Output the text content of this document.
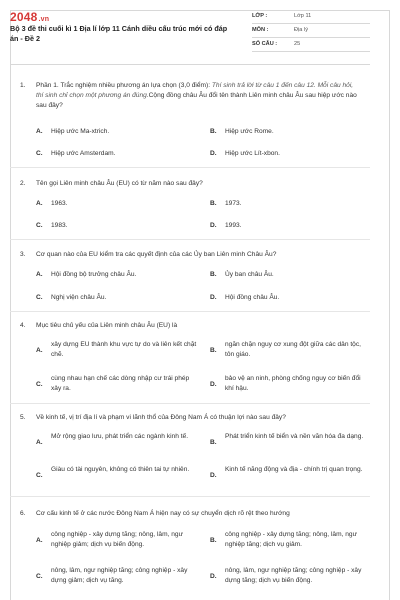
2048.vn
Bộ 3 đề thi cuối kì 1 Địa lí lớp 11 Cánh diều cấu trúc mới có đáp án - Đề 2
LỚP :	Lớp 11
MÔN :	Địa lý
SỐ CÂU :	25
1. Phần 1. Trắc nghiệm nhiều phương án lựa chọn (3,0 điểm): Thí sinh trả lời từ câu 1 đến câu 12. Mỗi câu hỏi, thí sinh chỉ chọn một phương án đúng.Cộng đồng châu Âu đổi tên thành Liên minh châu Âu sau hiệp ước nào sau đây?
A. Hiệp ước Ma-xtrich.	B. Hiệp ước Rome.
C. Hiệp ước Amsterdam.	D. Hiệp ước Lít-xbon.
2. Tên gọi Liên minh châu Âu (EU) có từ năm nào sau đây?
A. 1963.	B. 1973.
C. 1983.	D. 1993.
3. Cơ quan nào của EU kiểm tra các quyết định của các Ủy ban Liên minh Châu Âu?
A. Hội đồng bộ trưởng châu Âu.	B. Ủy ban châu Âu.
C. Nghị viện châu Âu.	D. Hội đồng châu Âu.
4. Mục tiêu chủ yếu của Liên minh châu Âu (EU) là
A.
xây dựng EU thành khu vực tự do và liên kết chặt chẽ.
B.
ngăn chặn nguy cơ xung đột giữa các dân tộc, tôn giáo.
C.
cùng nhau hạn chế các dòng nhập cư trái phép xảy ra.
D.
bảo vệ an ninh, phòng chống nguy cơ biến đổi khí hậu.
5. Về kinh tế, vị trí địa lí và phạm vi lãnh thổ của Đông Nam Á có thuận lợi nào sau đây?
A.
Mở rộng giao lưu, phát triển các ngành kinh tế.
B.
Phát triển kinh tế biển và nền văn hóa đa dạng.
C.
Giàu có tài nguyên, không có thiên tai tự nhiên.
D.
Kinh tế năng động và địa - chính trị quan trọng.
6. Cơ cấu kinh tế ở các nước Đông Nam Á hiện nay có sự chuyển dịch rõ rệt theo hướng
A.
công nghiệp - xây dựng tăng; nông, lâm, ngư nghiệp giảm; dịch vụ biến động.
B.
công nghiệp - xây dựng tăng; nông, lâm, ngư nghiệp tăng; dịch vụ giảm.
C.
nông, lâm, ngư nghiệp tăng; công nghiệp - xây dựng giảm; dịch vụ tăng.
D.
nông, lâm, ngư nghiệp tăng; công nghiệp - xây dựng tăng; dịch vụ biến động.
